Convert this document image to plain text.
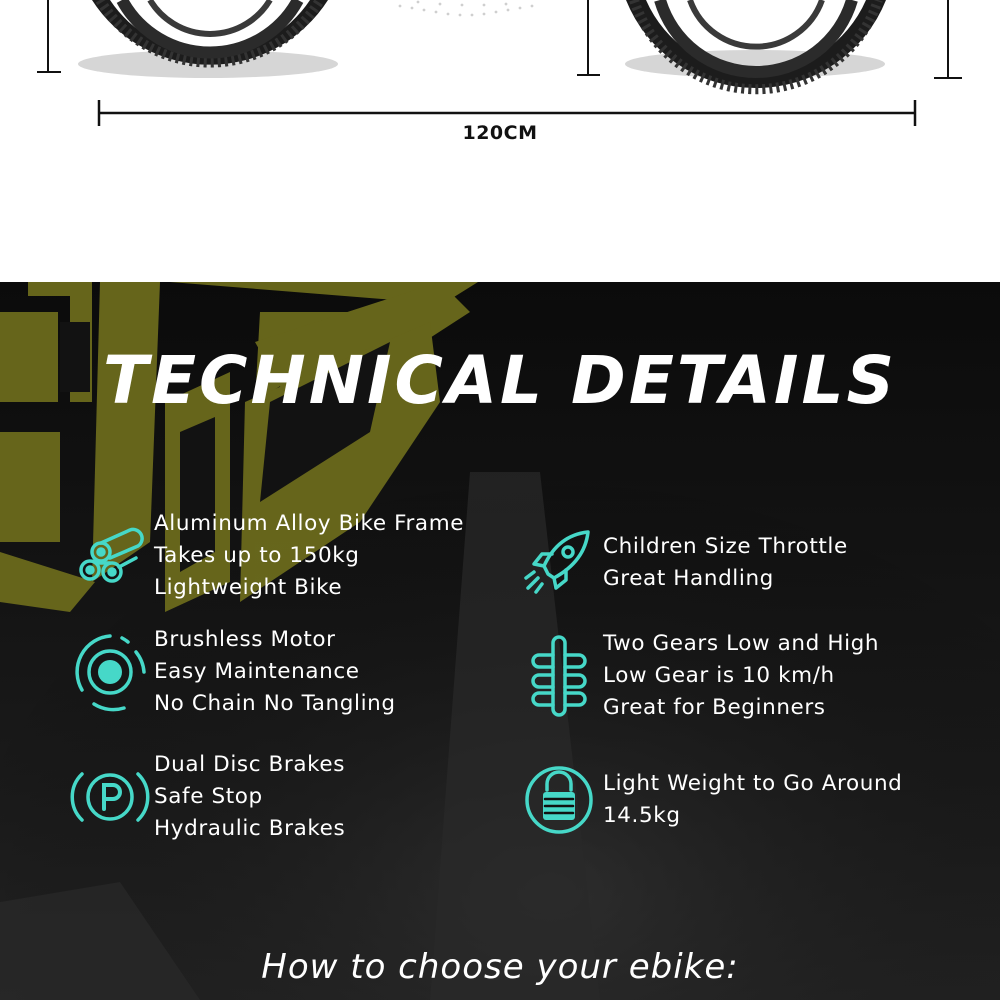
120CM
TECHNICAL DETAILS
Aluminum Alloy Bike Frame
Takes up to 150kg
Lightweight Bike
Brushless Motor
Easy Maintenance
No Chain No Tangling
Dual Disc Brakes
Safe Stop
Hydraulic Brakes
Children Size Throttle
Great Handling
Two Gears Low and High
Low Gear is 10 km/h
Great for Beginners
Light Weight to Go Around
14.5kg
How to choose your ebike:
